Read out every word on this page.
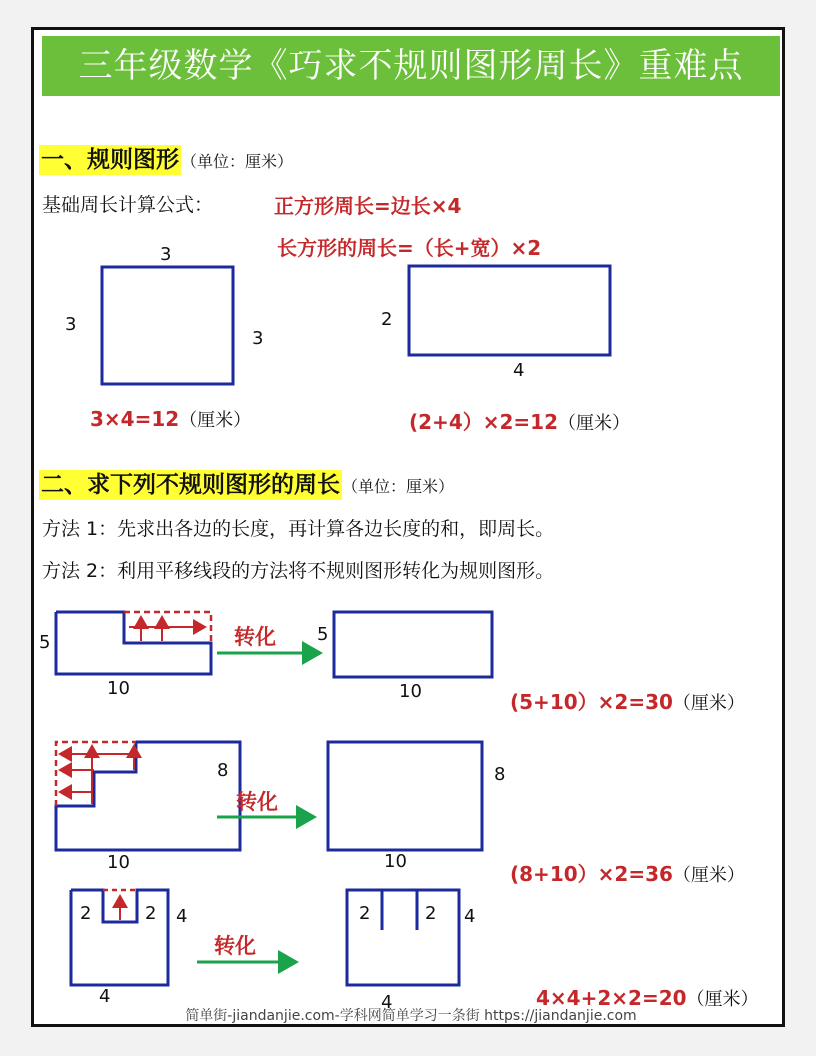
三年级数学《巧求不规则图形周长》重难点
一、规则图形 （单位：厘米）
基础周长计算公式：	正方形周长=边长×4
长方形的周长=（长+宽）×2
3
3
3
2
4
3×4=12（厘米）	(2+4）×2=12（厘米）
二、求下列不规则图形的周长 （单位：厘米）
方法 1：先求出各边的长度，再计算各边长度的和，即周长。
方法 2：利用平移线段的方法将不规则图形转化为规则图形。
5
10
转化 5
10	(5+10）×2=30（厘米）
8
10
转化
8
10
(8+10）×2=36（厘米）
2	2 4
4
转化
2	2 4
4	4×4+2×2=20（厘米）
简单街-jiandanjie.com-学科网简单学习一条街 https://jiandanjie.com
